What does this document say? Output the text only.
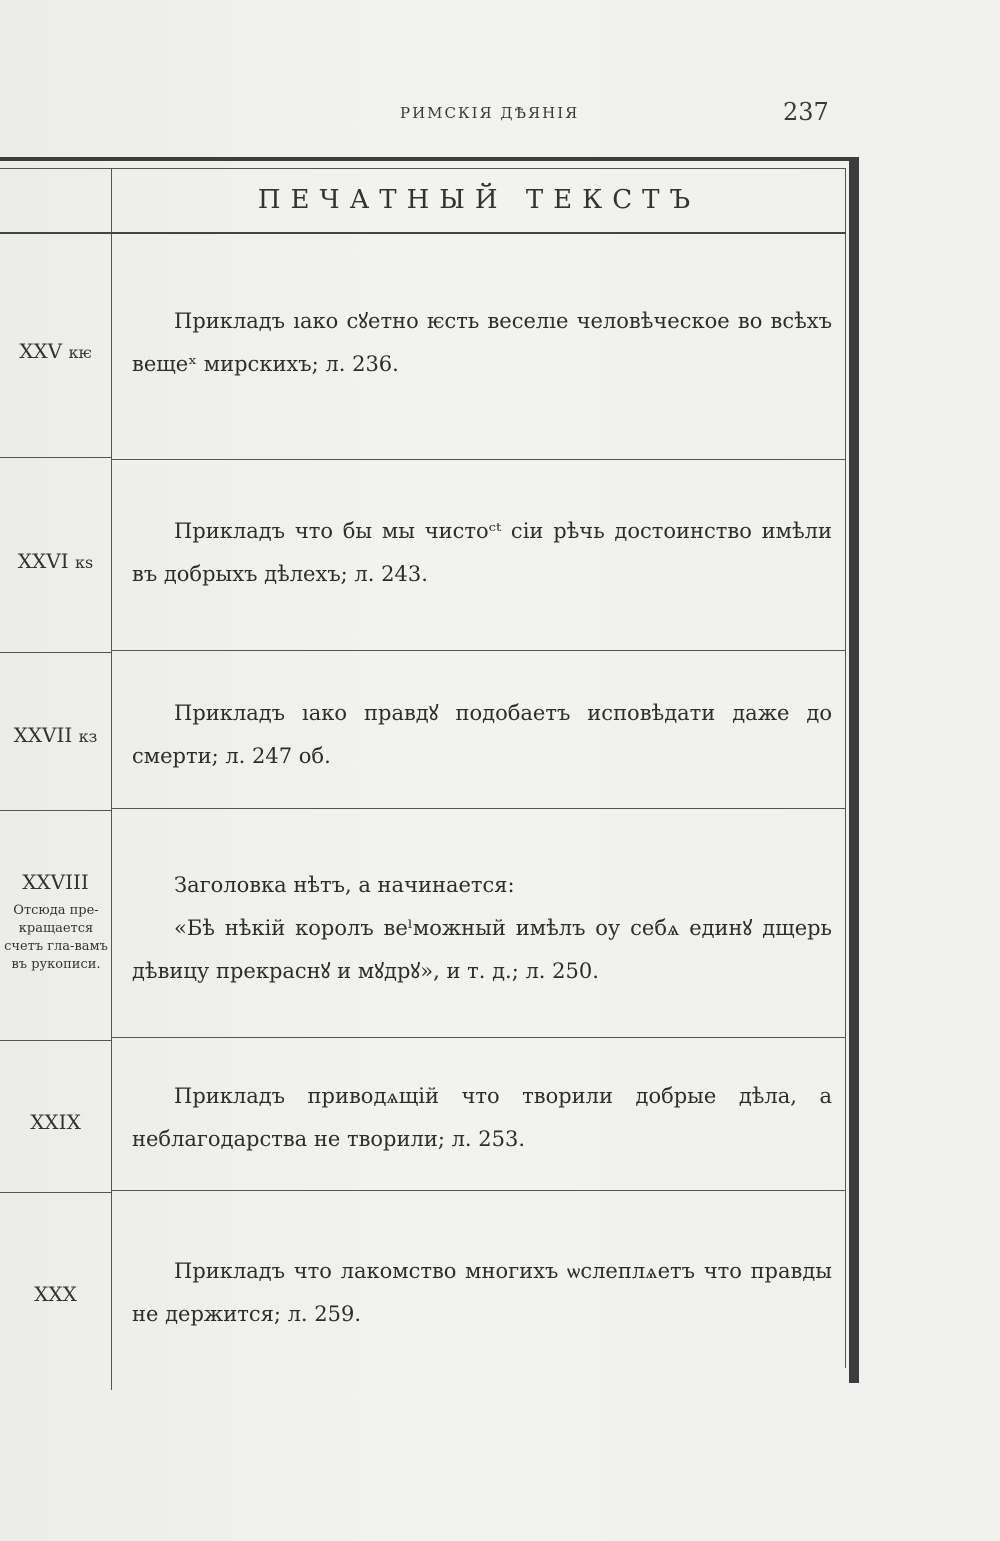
РИМСКІЯ ДѢЯНІЯ	237
ПЕЧАТНЫЙ ТЕКСТЪ
XXV кѥ

Прикладъ ıако сꙋетно ѥсть веселıе человѣческое во всѣхъ вещеˣ мирскихъ; л. 236.

XXVI кѕ

Прикладъ что бы мы чистоᶜᵗ сіи рѣчь достоинство имѣли въ добрыхъ дѣлехъ; л. 243.

XXVII кз

Прикладъ ıако правдꙋ подобаетъ исповѣдати даже до смерти; л. 247 об.

XXVIII
Отсюда пре-кращается счетъ гла-вамъ въ рукописи.

Заголовка нѣтъ, а начинается:

«Бѣ нѣкій королъ веˡможный имѣлъ оу себѧ единꙋ дщерь дѣвицу прекраснꙋ и мꙋдрꙋ», и т. д.; л. 250.

XXIX

Прикладъ приводѧщій что творили добрые дѣла, а неблагодарства не творили; л. 253.

XXX

Прикладъ что лакомство многихъ ѡслеплѧетъ что правды не держится; л. 259.
